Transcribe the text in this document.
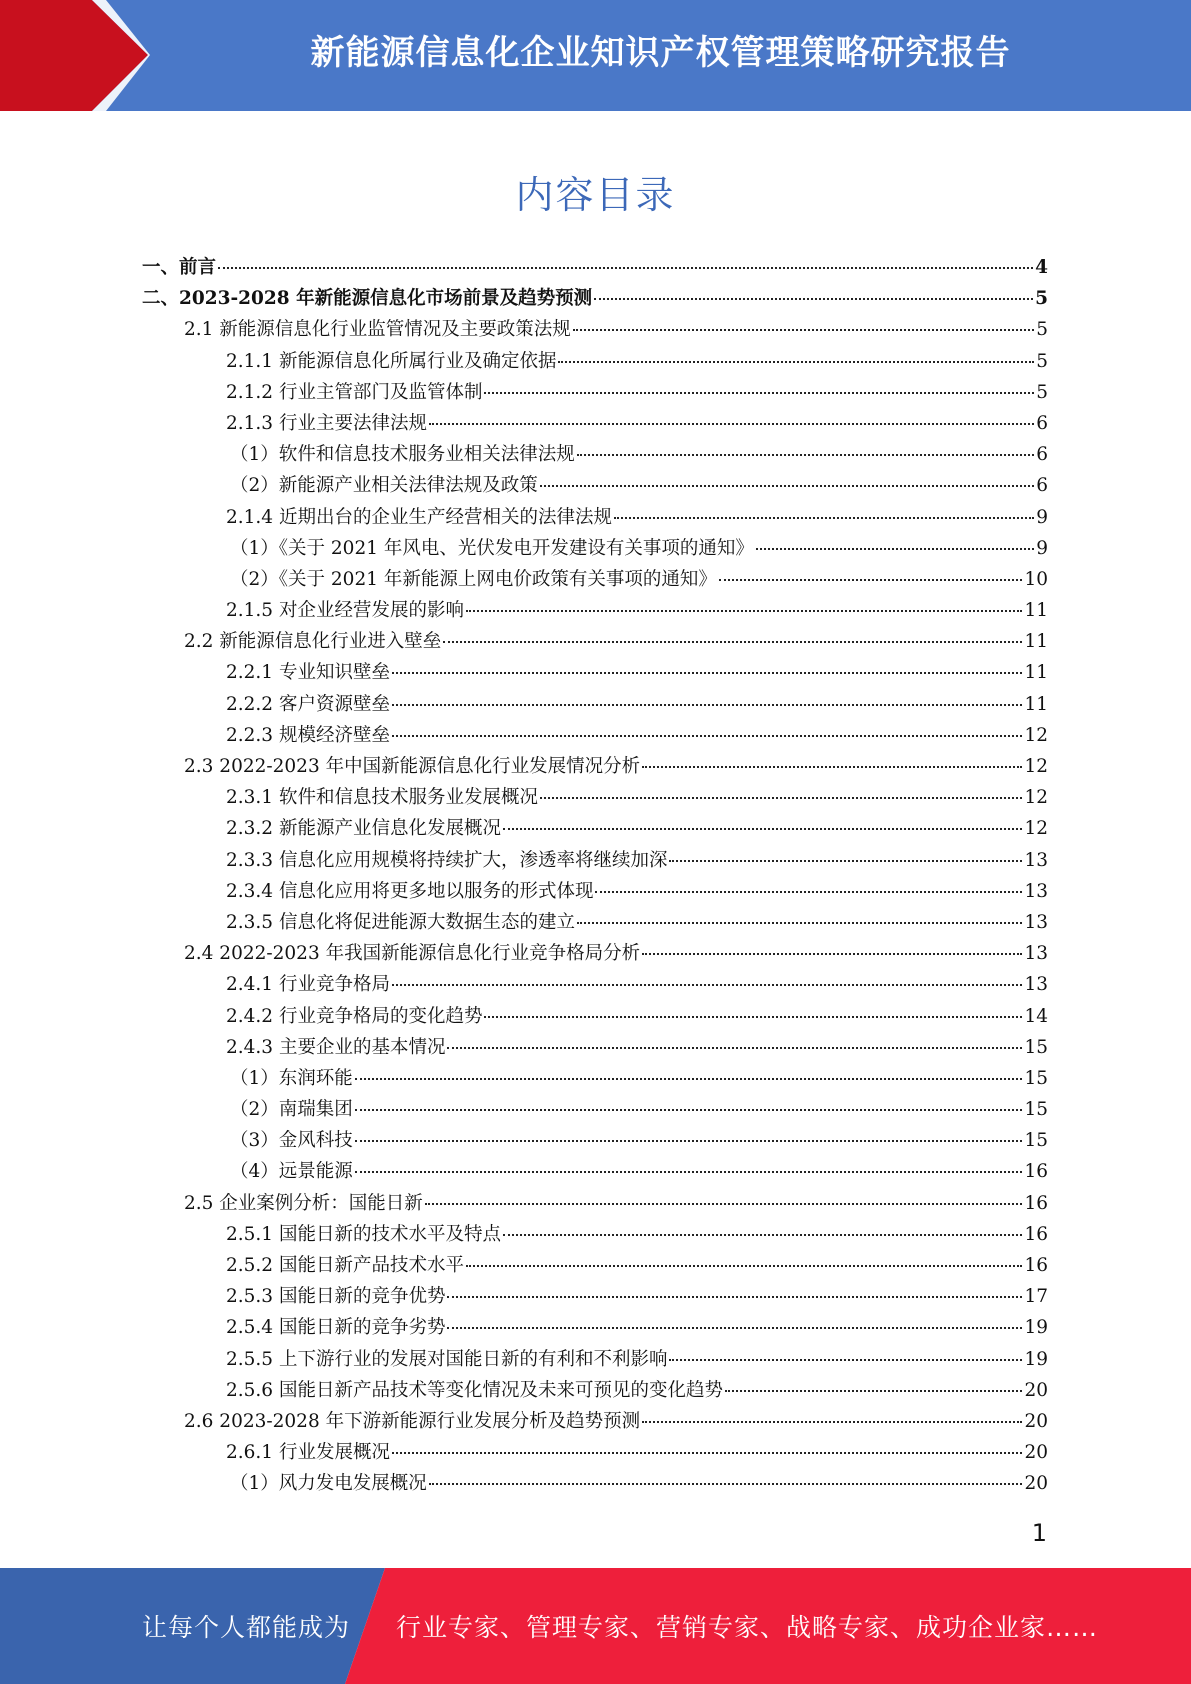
新能源信息化企业知识产权管理策略研究报告
内容目录
一、前言	4
二、2023-2028 年新能源信息化市场前景及趋势预测	5
2.1 新能源信息化行业监管情况及主要政策法规	5
2.1.1 新能源信息化所属行业及确定依据	5
2.1.2 行业主管部门及监管体制	5
2.1.3 行业主要法律法规	6
（1）软件和信息技术服务业相关法律法规	6
（2）新能源产业相关法律法规及政策	6
2.1.4 近期出台的企业生产经营相关的法律法规	9
（1）《关于 2021 年风电、光伏发电开发建设有关事项的通知》	9
（2）《关于 2021 年新能源上网电价政策有关事项的通知》	10
2.1.5 对企业经营发展的影响	11
2.2 新能源信息化行业进入壁垒	11
2.2.1 专业知识壁垒	11
2.2.2 客户资源壁垒	11
2.2.3 规模经济壁垒	12
2.3 2022-2023 年中国新能源信息化行业发展情况分析	12
2.3.1 软件和信息技术服务业发展概况	12
2.3.2 新能源产业信息化发展概况	12
2.3.3 信息化应用规模将持续扩大，渗透率将继续加深	13
2.3.4 信息化应用将更多地以服务的形式体现	13
2.3.5 信息化将促进能源大数据生态的建立	13
2.4 2022-2023 年我国新能源信息化行业竞争格局分析	13
2.4.1 行业竞争格局	13
2.4.2 行业竞争格局的变化趋势	14
2.4.3 主要企业的基本情况	15
（1）东润环能	15
（2）南瑞集团	15
（3）金风科技	15
（4）远景能源	16
2.5 企业案例分析：国能日新	16
2.5.1 国能日新的技术水平及特点	16
2.5.2 国能日新产品技术水平	16
2.5.3 国能日新的竞争优势	17
2.5.4 国能日新的竞争劣势	19
2.5.5 上下游行业的发展对国能日新的有利和不利影响	19
2.5.6 国能日新产品技术等变化情况及未来可预见的变化趋势	20
2.6 2023-2028 年下游新能源行业发展分析及趋势预测	20
2.6.1 行业发展概况	20
（1）风力发电发展概况	20
1
让每个人都能成为 行业专家、管理专家、营销专家、战略专家、成功企业家……
